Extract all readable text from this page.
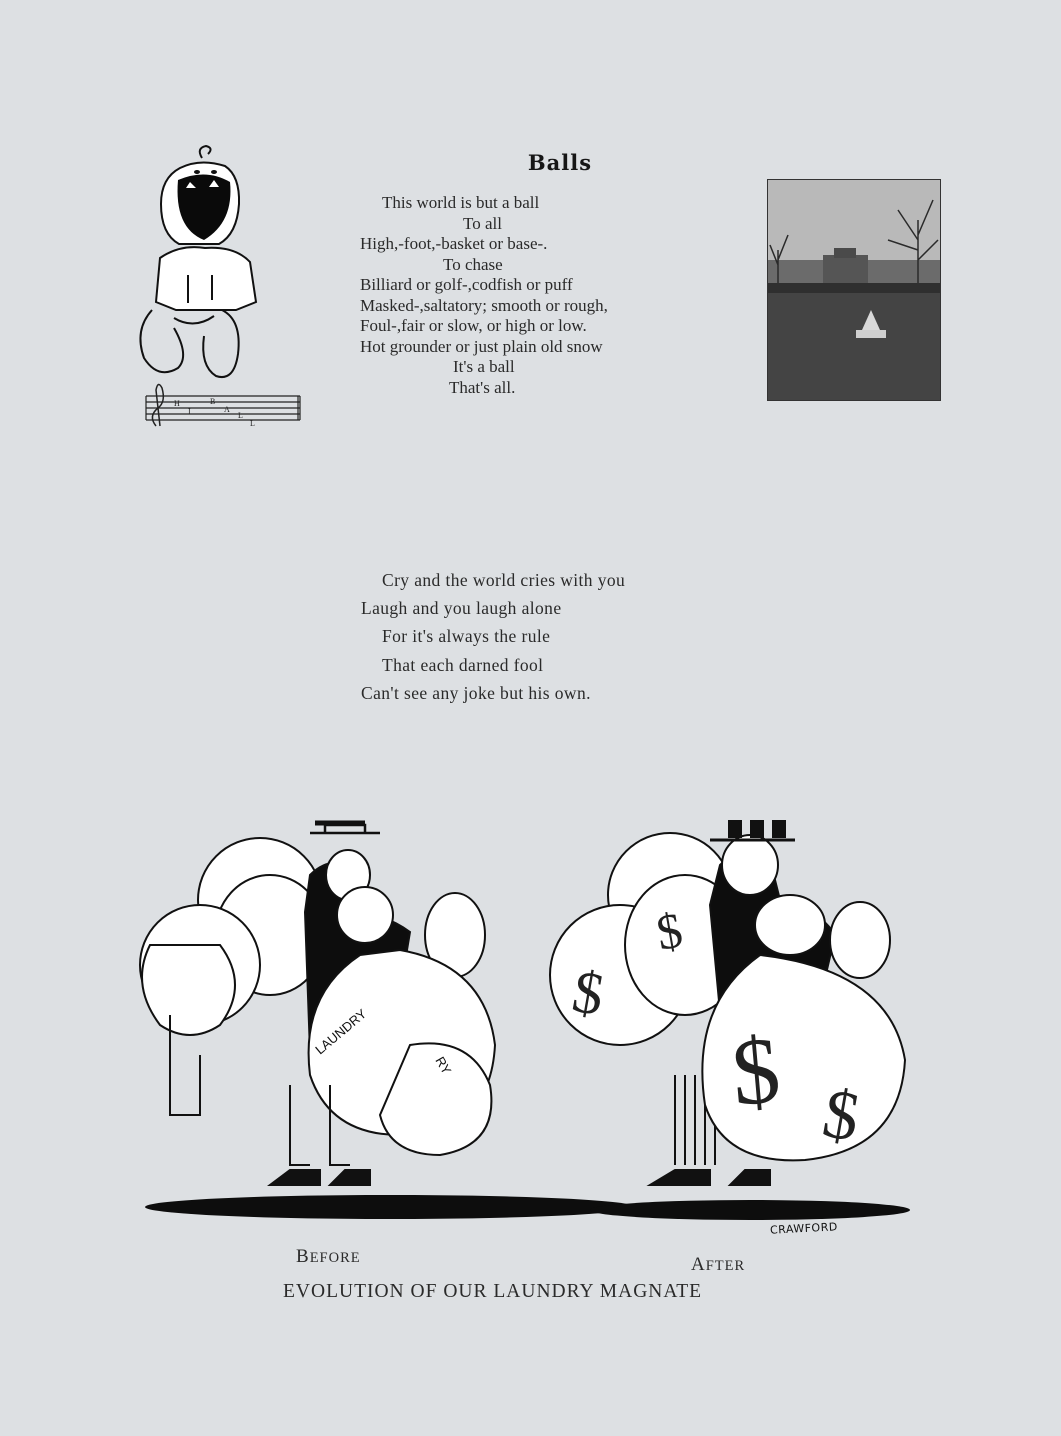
Balls
This world is but a ball
To all
High,-foot,-basket or base-.
To chase
Billiard or golf-,codfish or puff
Masked-,saltatory; smooth or rough,
Foul-,fair or slow, or high or low.
Hot grounder or just plain old snow
It's a ball
That's all.
H
I
B
A
L
L
Cry and the world cries with you
Laugh and you laugh alone
For it's always the rule
That each darned fool
Can't see any joke but his own.
LAUNDRY
RY
$
$
$ $
CRAWFORD
BEFORE	AFTER
EVOLUTION OF OUR LAUNDRY MAGNATE
